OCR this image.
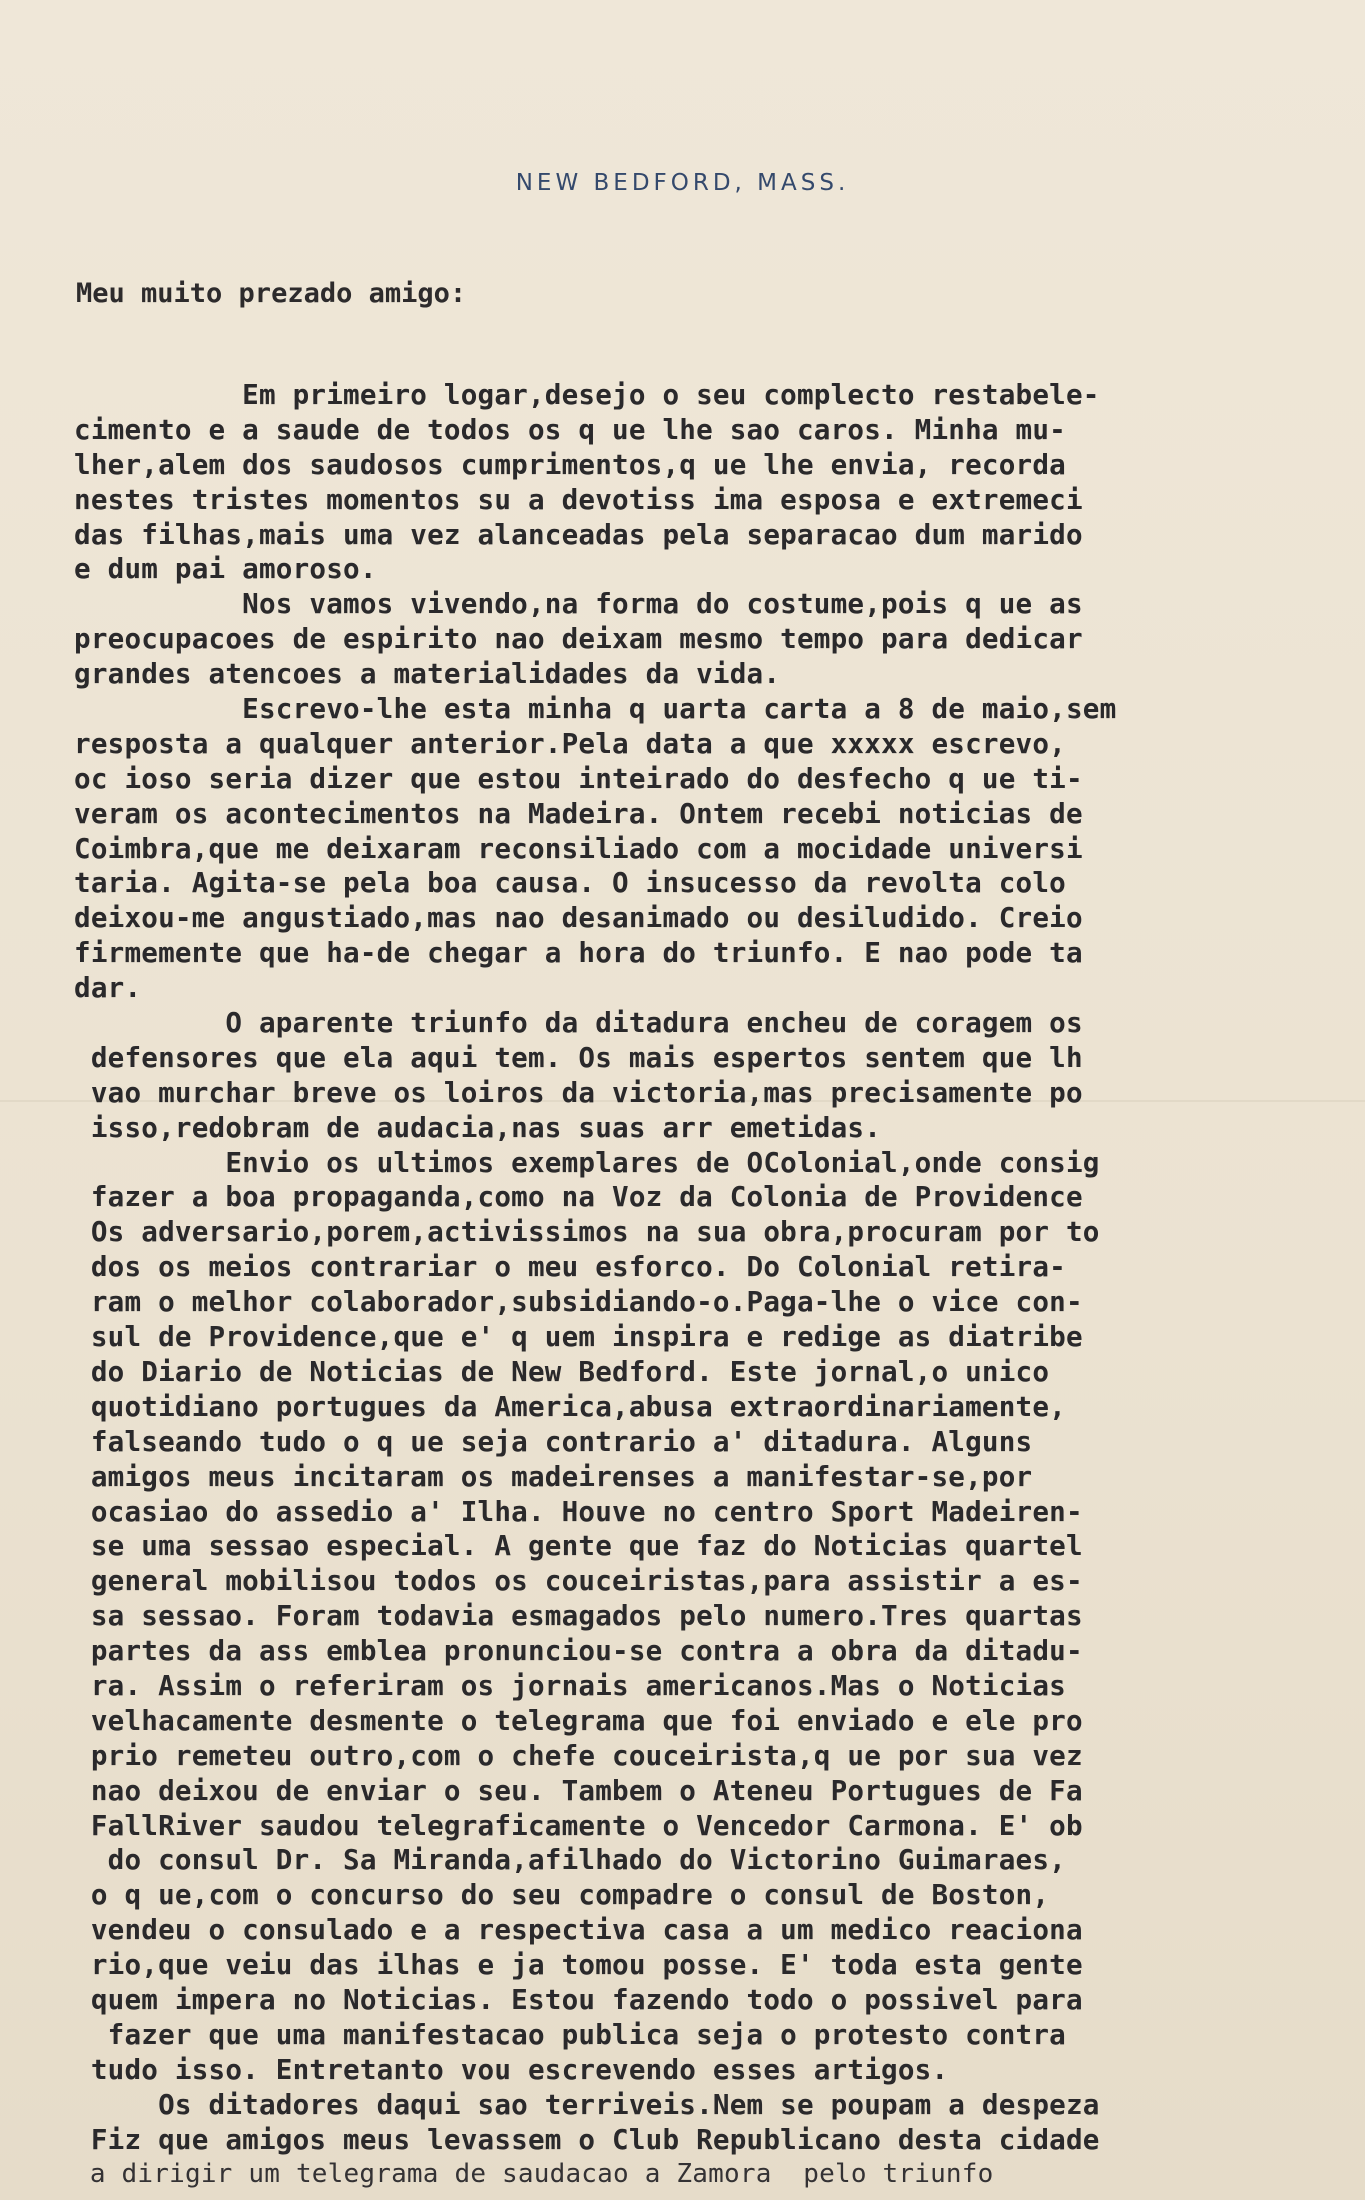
NEW BEDFORD, MASS.
Meu muito prezado amigo:
Em primeiro logar,desejo o seu complecto restabele-
cimento e a saude de todos os q ue lhe sao caros. Minha mu-
lher,alem dos saudosos cumprimentos,q ue lhe envia, recorda
nestes tristes momentos su a devotiss ima esposa e extremeci
das filhas,mais uma vez alanceadas pela separacao dum marido
e dum pai amoroso.
Nos vamos vivendo,na forma do costume,pois q ue as
preocupacoes de espirito nao deixam mesmo tempo para dedicar
grandes atencoes a materialidades da vida.
Escrevo-lhe esta minha q uarta carta a 8 de maio,sem
resposta a qualquer anterior.Pela data a que xxxxx escrevo,
oc ioso seria dizer que estou inteirado do desfecho q ue ti-
veram os acontecimentos na Madeira. Ontem recebi noticias de
Coimbra,que me deixaram reconsiliado com a mocidade universi
taria. Agita-se pela boa causa. O insucesso da revolta colo
deixou-me angustiado,mas nao desanimado ou desiludido. Creio
firmemente que ha-de chegar a hora do triunfo. E nao pode ta
dar.
O aparente triunfo da ditadura encheu de coragem os
defensores que ela aqui tem. Os mais espertos sentem que lh
vao murchar breve os loiros da victoria,mas precisamente po
isso,redobram de audacia,nas suas arr emetidas.
Envio os ultimos exemplares de OColonial,onde consig
fazer a boa propaganda,como na Voz da Colonia de Providence
Os adversario,porem,activissimos na sua obra,procuram por to
dos os meios contrariar o meu esforco. Do Colonial retira-
ram o melhor colaborador,subsidiando-o.Paga-lhe o vice con-
sul de Providence,que e' q uem inspira e redige as diatribe
do Diario de Noticias de New Bedford. Este jornal,o unico
quotidiano portugues da America,abusa extraordinariamente,
falseando tudo o q ue seja contrario a' ditadura. Alguns
amigos meus incitaram os madeirenses a manifestar-se,por
ocasiao do assedio a' Ilha. Houve no centro Sport Madeiren-
se uma sessao especial. A gente que faz do Noticias quartel
general mobilisou todos os couceiristas,para assistir a es-
sa sessao. Foram todavia esmagados pelo numero.Tres quartas
partes da ass emblea pronunciou-se contra a obra da ditadu-
ra. Assim o referiram os jornais americanos.Mas o Noticias
velhacamente desmente o telegrama que foi enviado e ele pro
prio remeteu outro,com o chefe couceirista,q ue por sua vez
nao deixou de enviar o seu. Tambem o Ateneu Portugues de Fa
FallRiver saudou telegraficamente o Vencedor Carmona. E' ob
do consul Dr. Sa Miranda,afilhado do Victorino Guimaraes,
o q ue,com o concurso do seu compadre o consul de Boston,
vendeu o consulado e a respectiva casa a um medico reaciona
rio,que veiu das ilhas e ja tomou posse. E' toda esta gente
quem impera no Noticias. Estou fazendo todo o possivel para
fazer que uma manifestacao publica seja o protesto contra
tudo isso. Entretanto vou escrevendo esses artigos.
Os ditadores daqui sao terriveis.Nem se poupam a despeza
Fiz que amigos meus levassem o Club Republicano desta cidade
a dirigir um telegrama de saudacao a Zamora  pelo triunfo
